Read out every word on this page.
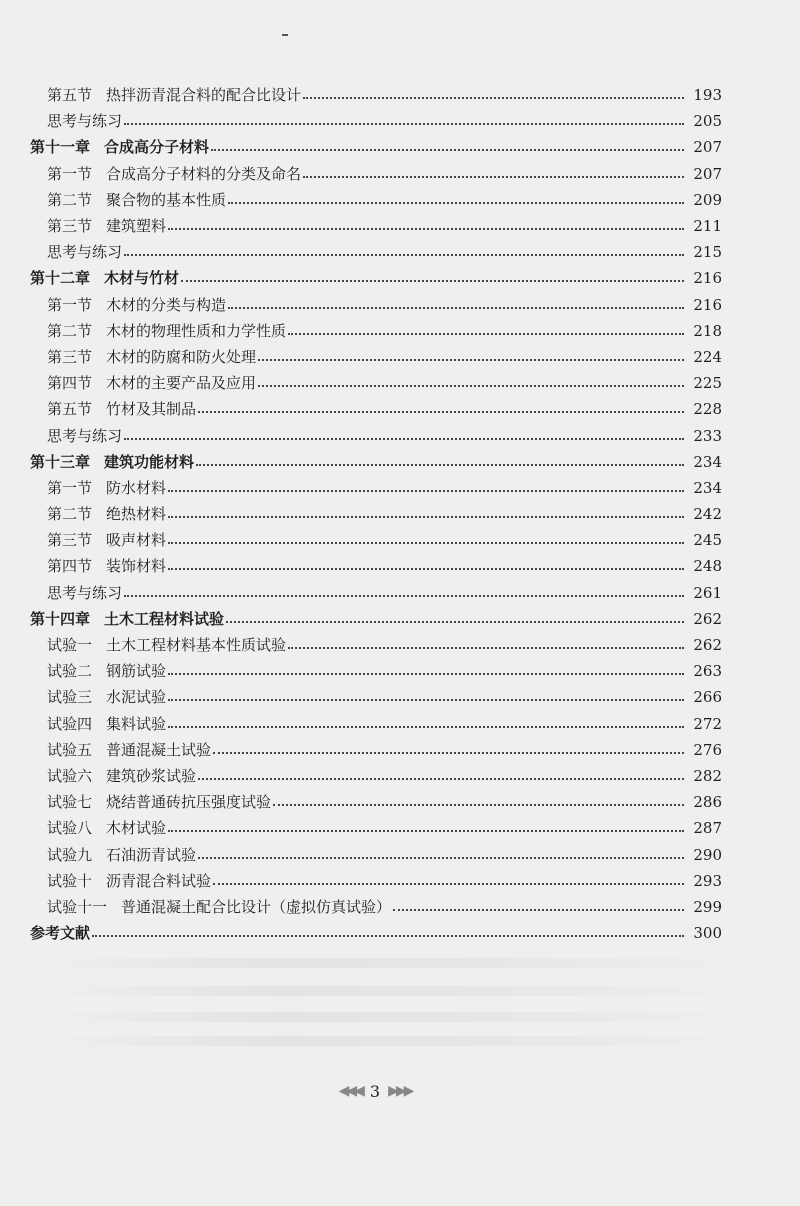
第五节 热拌沥青混合料的配合比设计	193
思考与练习	205
第十一章 合成高分子材料	207
第一节 合成高分子材料的分类及命名	207
第二节 聚合物的基本性质	209
第三节 建筑塑料	211
思考与练习	215
第十二章 木材与竹材	216
第一节 木材的分类与构造	216
第二节 木材的物理性质和力学性质	218
第三节 木材的防腐和防火处理	224
第四节 木材的主要产品及应用	225
第五节 竹材及其制品	228
思考与练习	233
第十三章 建筑功能材料	234
第一节 防水材料	234
第二节 绝热材料	242
第三节 吸声材料	245
第四节 装饰材料	248
思考与练习	261
第十四章 土木工程材料试验	262
试验一 土木工程材料基本性质试验	262
试验二 钢筋试验	263
试验三 水泥试验	266
试验四 集料试验	272
试验五 普通混凝土试验	276
试验六 建筑砂浆试验	282
试验七 烧结普通砖抗压强度试验	286
试验八 木材试验	287
试验九 石油沥青试验	290
试验十 沥青混合料试验	293
试验十一 普通混凝土配合比设计（虚拟仿真试验）	299
参考文献	300
◀◀◀ 3 ▶▶▶
